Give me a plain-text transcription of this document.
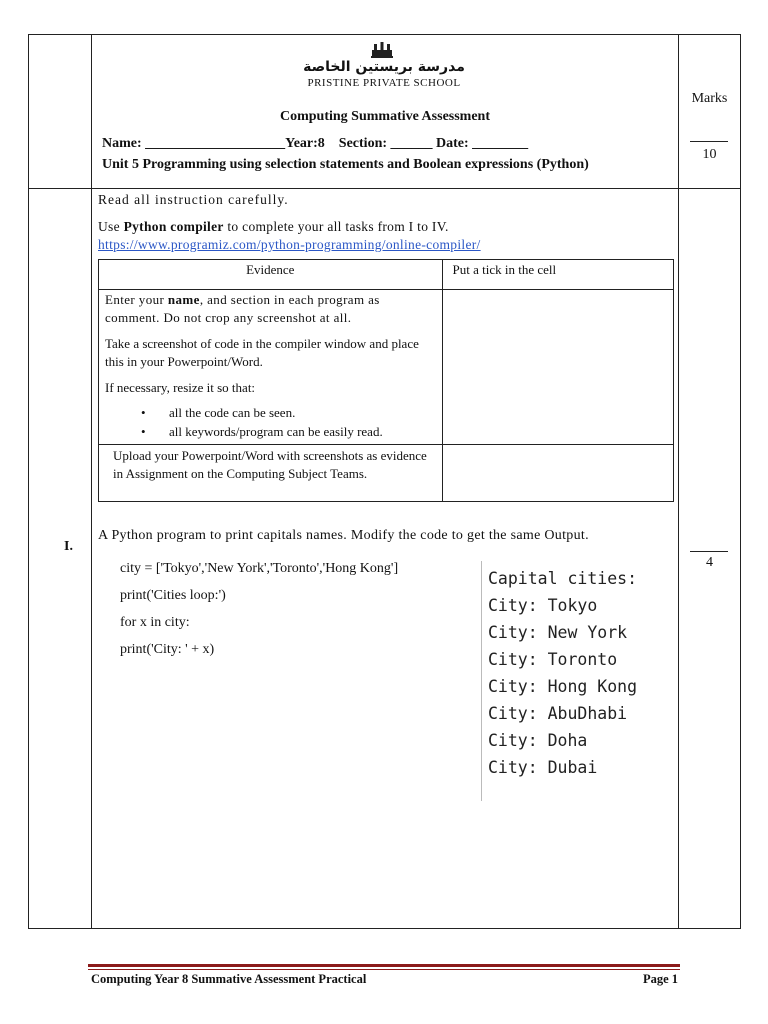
مدرسة بريستين الخاصة
PRISTINE PRIVATE SCHOOL
Computing Summative Assessment
Name: ____________________Year:8    Section: ______ Date: ________
Unit 5 Programming using selection statements and Boolean expressions (Python)
Marks
10
Read all instruction carefully.
Use Python compiler to complete your all tasks from I to IV.
https://www.programiz.com/python-programming/online-compiler/
Evidence	Put a tick in the cell

Enter your name, and section in each program as comment. Do not crop any screenshot at all.

Take a screenshot of code in the compiler window and place this in your Powerpoint/Word.

If necessary, resize it so that:

• all the code can be seen.
• all keywords/program can be easily read.	

Upload your Powerpoint/Word with screenshots as evidence in Assignment on the Computing Subject Teams.	

I.
A Python program to print capitals names. Modify the code to get the same Output.
city = ['Tokyo','New York','Toronto','Hong Kong']
print('Cities loop:')
for x in city:
print('City: ' + x)
Capital cities:
City: Tokyo
City: New York
City: Toronto
City: Hong Kong
City: AbuDhabi
City: Doha
City: Dubai
4
Computing Year 8 Summative Assessment Practical	Page 1
